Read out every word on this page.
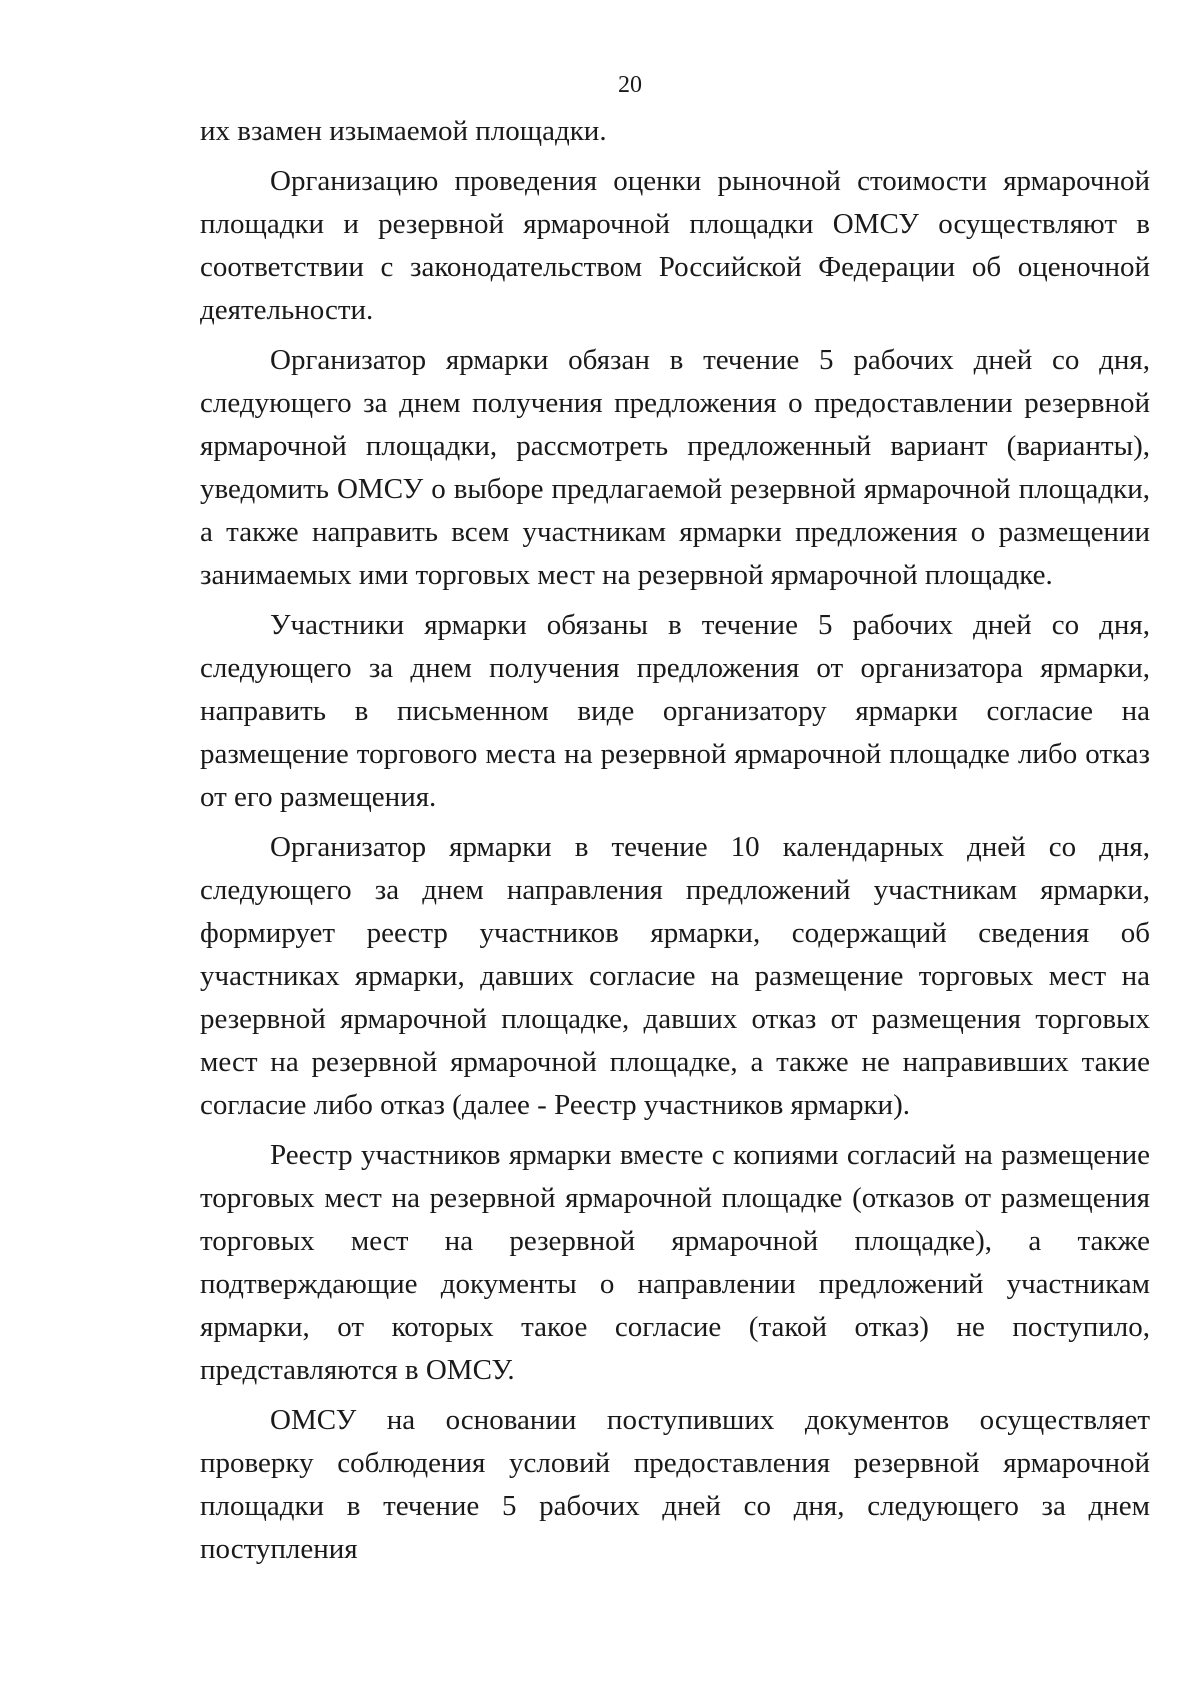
20

их взамен изымаемой площадки.

Организацию проведения оценки рыночной стоимости ярмарочной площадки и резервной ярмарочной площадки ОМСУ осуществляют в соответствии с законодательством Российской Федерации об оценочной деятельности.

Организатор ярмарки обязан в течение 5 рабочих дней со дня, следующего за днем получения предложения о предоставлении резервной ярмарочной площадки, рассмотреть предложенный вариант (варианты), уведомить ОМСУ о выборе предлагаемой резервной ярмарочной площадки, а также направить всем участникам ярмарки предложения о размещении занимаемых ими торговых мест на резервной ярмарочной площадке.

Участники ярмарки обязаны в течение 5 рабочих дней со дня, следующего за днем получения предложения от организатора ярмарки, направить в письменном виде организатору ярмарки согласие на размещение торгового места на резервной ярмарочной площадке либо отказ от его размещения.

Организатор ярмарки в течение 10 календарных дней со дня, следующего за днем направления предложений участникам ярмарки, формирует реестр участников ярмарки, содержащий сведения об участниках ярмарки, давших согласие на размещение торговых мест на резервной ярмарочной площадке, давших отказ от размещения торговых мест на резервной ярмарочной площадке, а также не направивших такие согласие либо отказ (далее - Реестр участников ярмарки).

Реестр участников ярмарки вместе с копиями согласий на размещение торговых мест на резервной ярмарочной площадке (отказов от размещения торговых мест на резервной ярмарочной площадке), а также подтверждающие документы о направлении предложений участникам ярмарки, от которых такое согласие (такой отказ) не поступило, представляются в ОМСУ.

ОМСУ на основании поступивших документов осуществляет проверку соблюдения условий предоставления резервной ярмарочной площадки в течение 5 рабочих дней со дня, следующего за днем поступления
